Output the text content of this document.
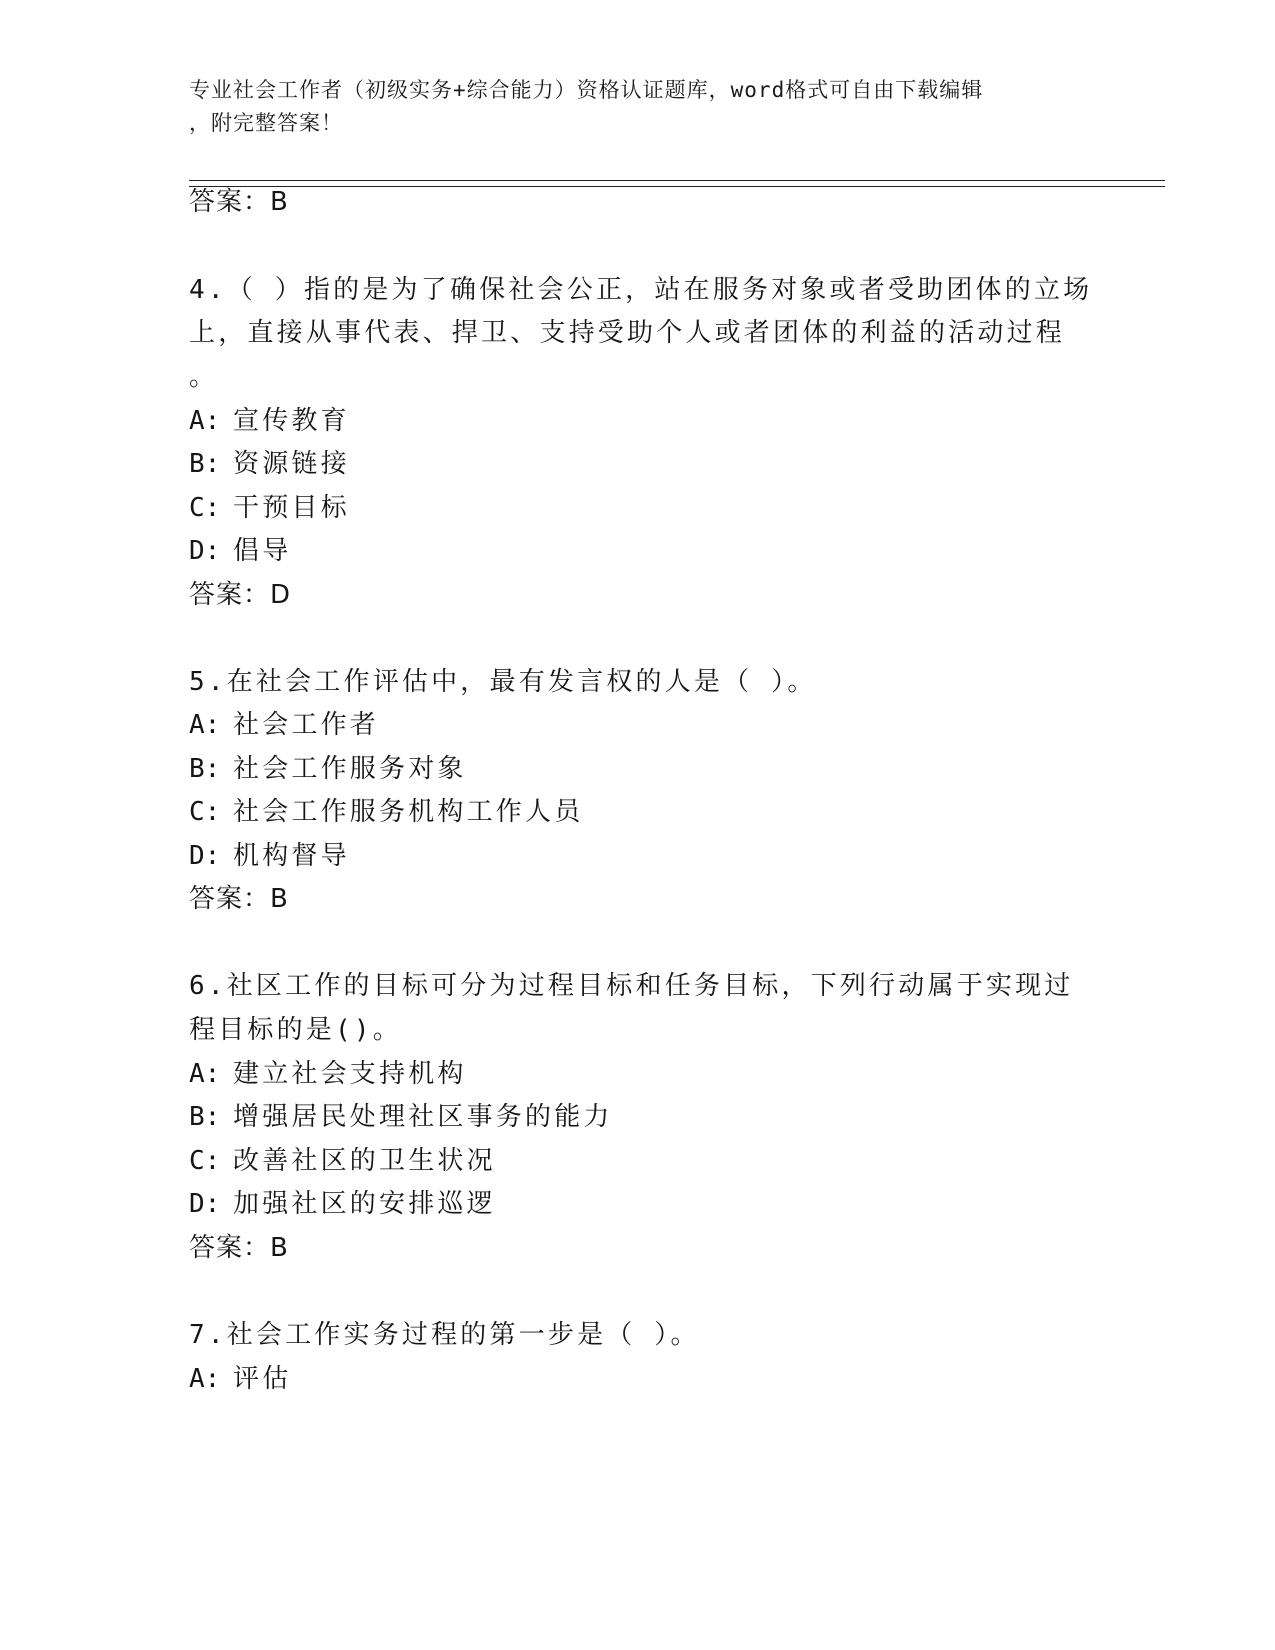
专业社会工作者（初级实务+综合能力）资格认证题库，word格式可自由下载编辑
，附完整答案！
答案：B
4.（ ）指的是为了确保社会公正，站在服务对象或者受助团体的立场
上，直接从事代表、捍卫、支持受助个人或者团体的利益的活动过程
。
A: 宣传教育
B: 资源链接
C: 干预目标
D: 倡导
答案：D
5.在社会工作评估中，最有发言权的人是（ ）。
A: 社会工作者
B: 社会工作服务对象
C: 社会工作服务机构工作人员
D: 机构督导
答案：B
6.社区工作的目标可分为过程目标和任务目标，下列行动属于实现过
程目标的是()。
A: 建立社会支持机构
B: 增强居民处理社区事务的能力
C: 改善社区的卫生状况
D: 加强社区的安排巡逻
答案：B
7.社会工作实务过程的第一步是（ ）。
A: 评估
